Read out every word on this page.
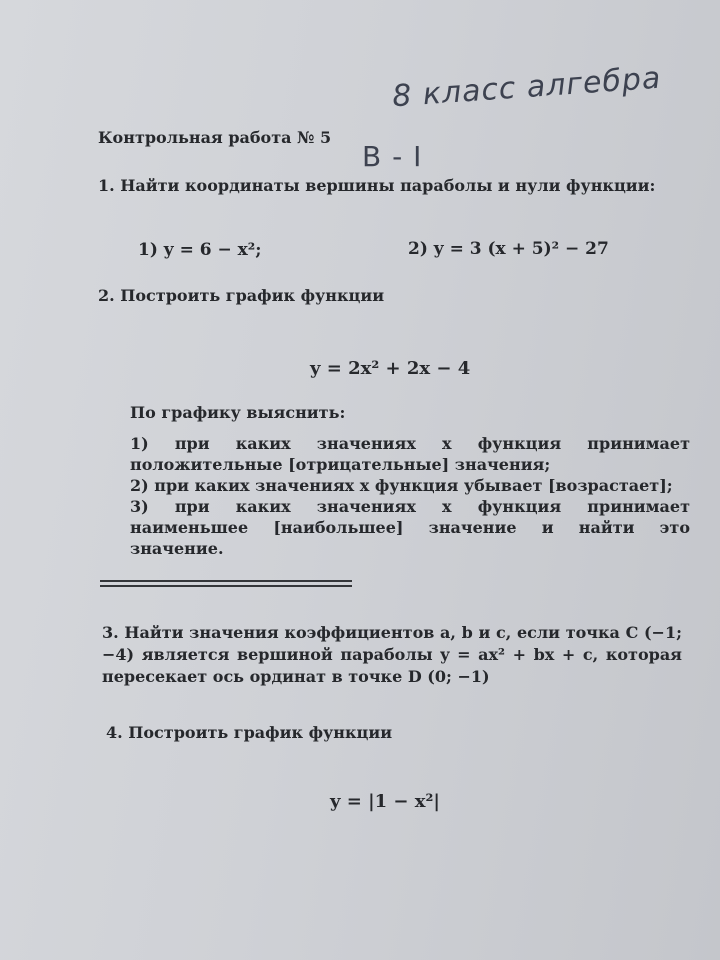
8 класс алгебра
В - I
Контрольная работа № 5
1. Найти координаты вершины параболы и нули функции:
1) y = 6 − x²;	2) y = 3 (x + 5)² − 27
2. Построить график функции
y = 2x² + 2x − 4
По графику выяснить:
1) при каких значениях x функция принимает положительные [отрицательные] значения;
2) при каких значениях x функция убывает [возрастает];
3) при каких значениях x функция принимает наименьшее [наибольшее] значение и найти это значение.
3. Найти значения коэффициентов a, b и c, если точка C (−1; −4) является вершиной параболы y = ax² + bx + c, которая пересекает ось ординат в точке D (0; −1)
4. Построить график функции
y = |1 − x²|
